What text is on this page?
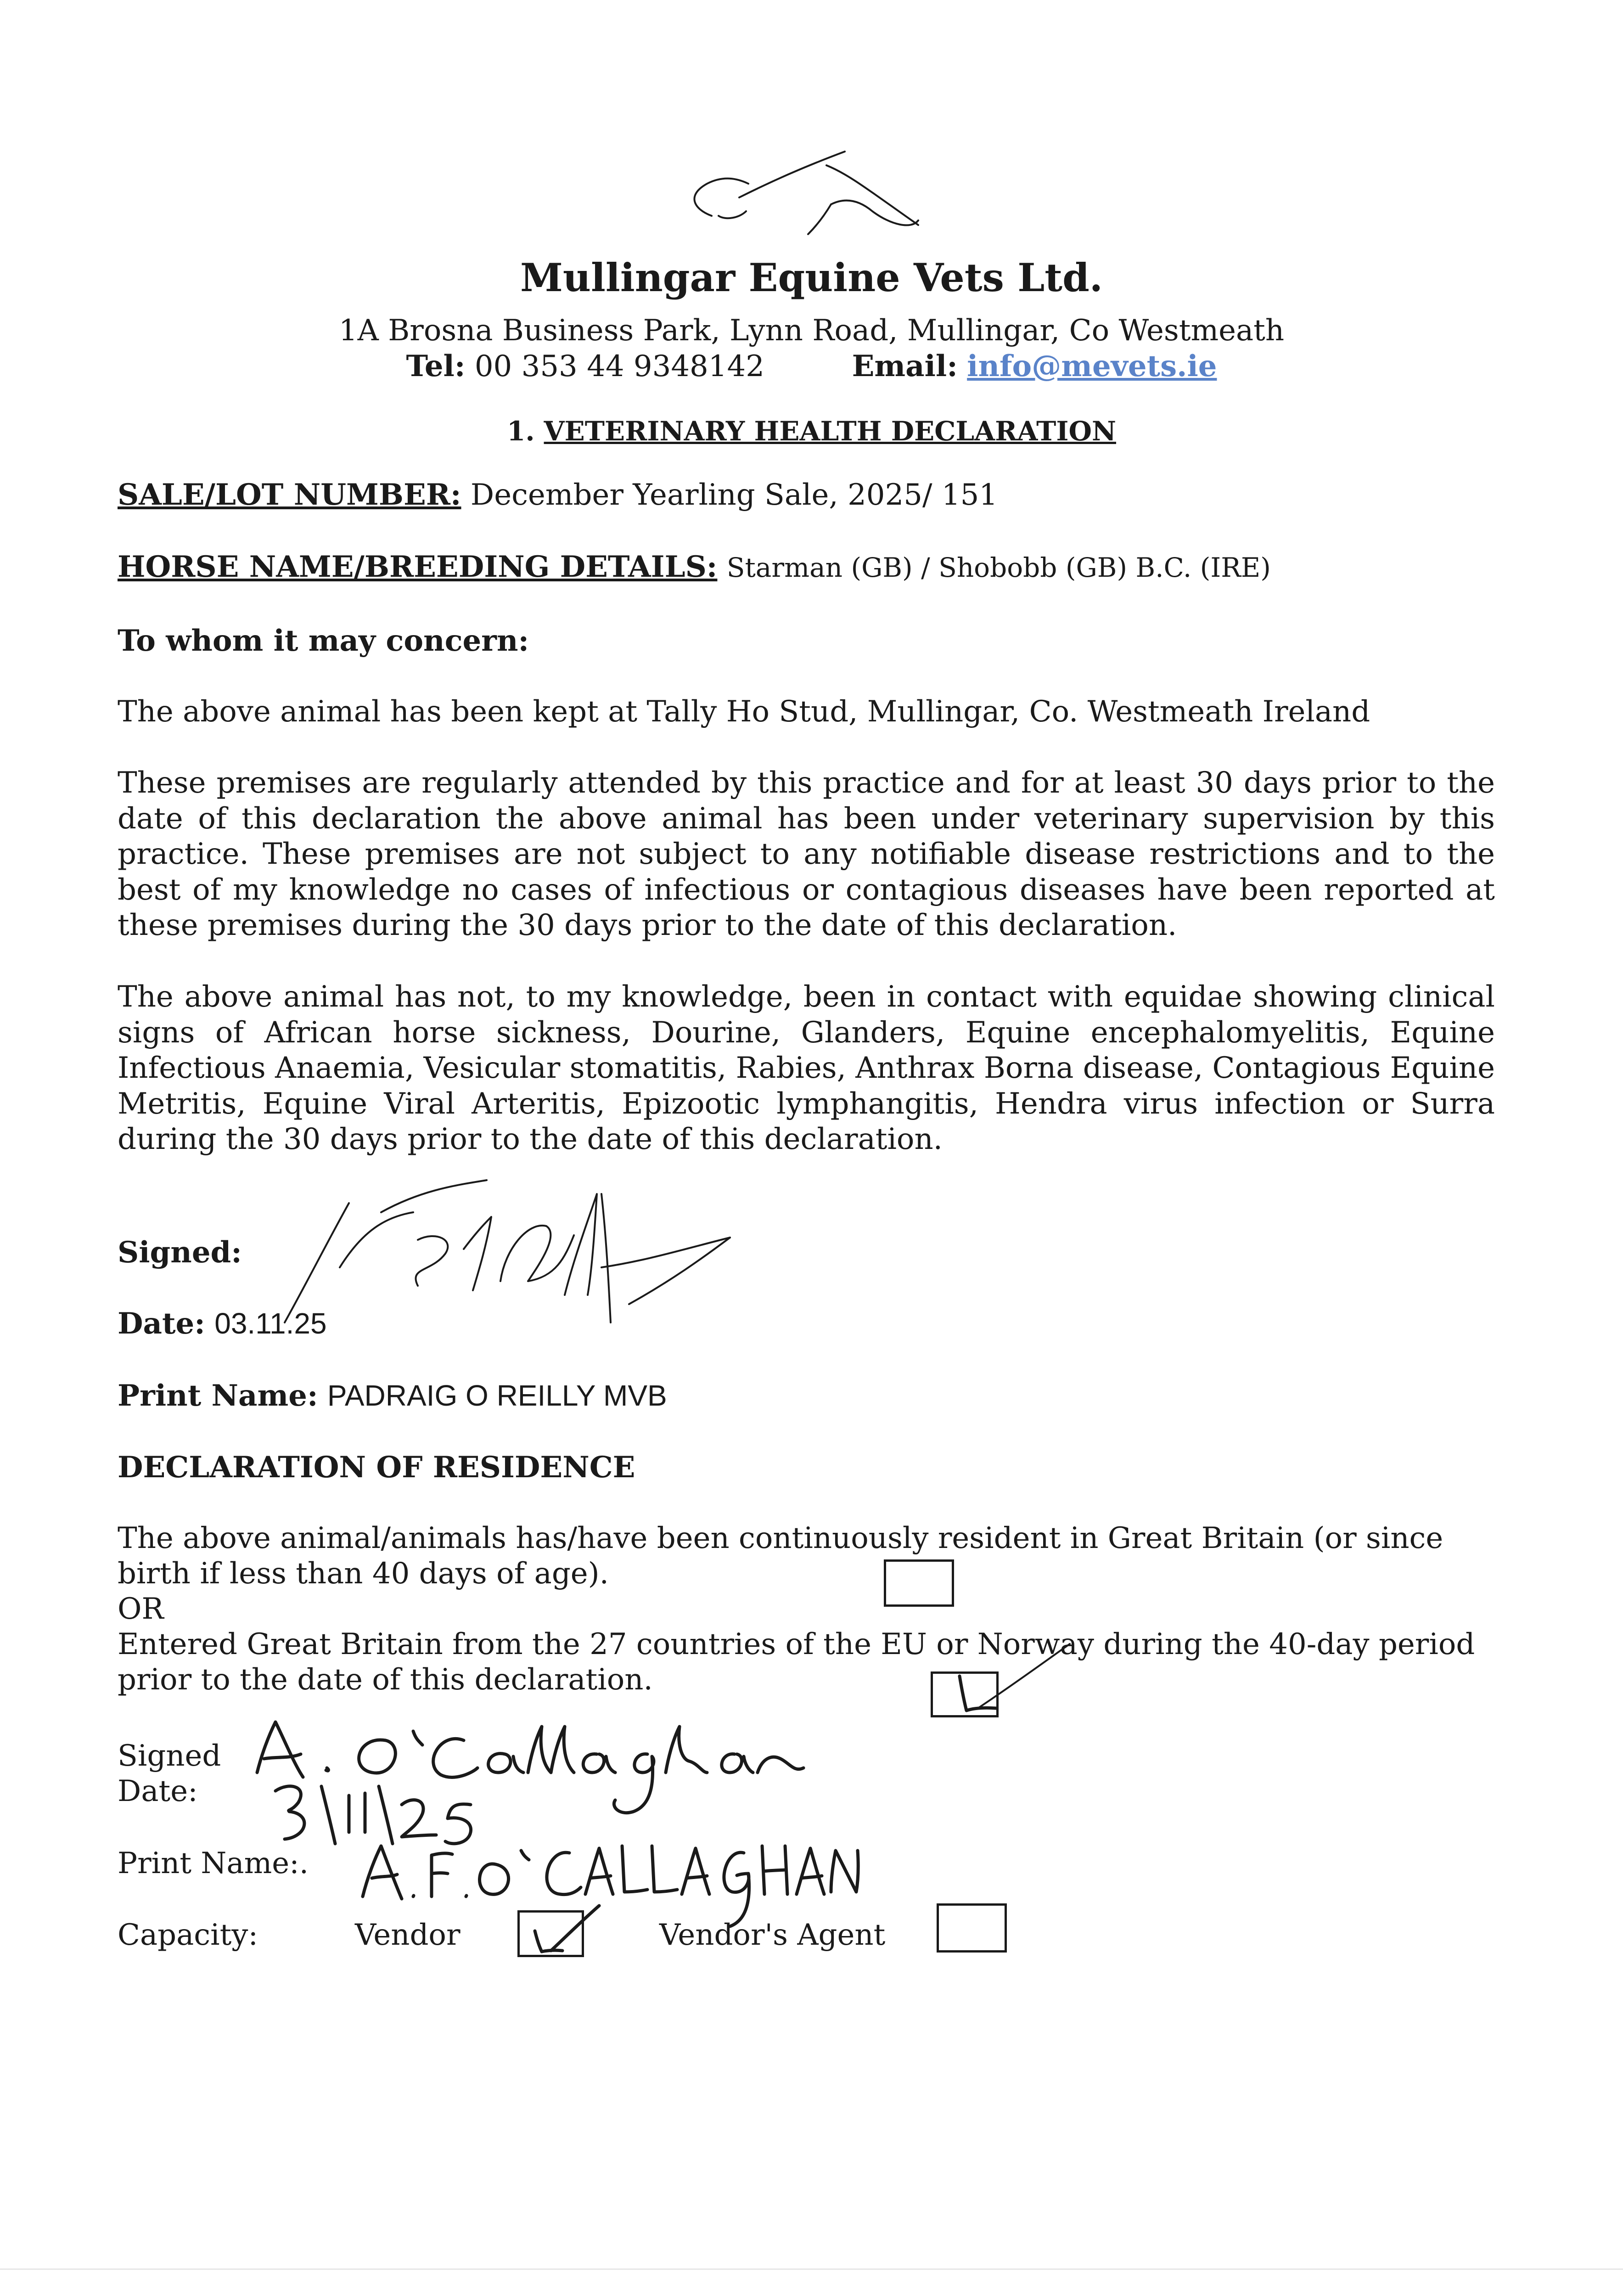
Mullingar Equine Vets Ltd.
1A Brosna Business Park, Lynn Road, Mullingar, Co Westmeath
Tel: 00 353 44 9348142	Email: info@mevets.ie
1. VETERINARY HEALTH DECLARATION
SALE/LOT NUMBER: December Yearling Sale, 2025/ 151
HORSE NAME/BREEDING DETAILS: Starman (GB) / Shobobb (GB) B.C. (IRE)
To whom it may concern:
The above animal has been kept at Tally Ho Stud, Mullingar, Co. Westmeath Ireland
These premises are regularly attended by this practice and for at least 30 days prior to the date of this declaration the above animal has been under veterinary supervision by this practice. These premises are not subject to any notifiable disease restrictions and to the best of my knowledge no cases of infectious or contagious diseases have been reported at these premises during the 30 days prior to the date of this declaration.
The above animal has not, to my knowledge, been in contact with equidae showing clinical signs of African horse sickness, Dourine, Glanders, Equine encephalomyelitis, Equine Infectious Anaemia, Vesicular stomatitis, Rabies, Anthrax Borna disease, Contagious Equine Metritis, Equine Viral Arteritis, Epizootic lymphangitis, Hendra virus infection or Surra during the 30 days prior to the date of this declaration.
Signed:
Date: 03.11.25
Print Name: PADRAIG O REILLY MVB
DECLARATION OF RESIDENCE
The above animal/animals has/have been continuously resident in Great Britain (or since
birth if less than 40 days of age).
OR
Entered Great Britain from the 27 countries of the EU or Norway during the 40-day period
prior to the date of this declaration.
Signed
Date:
Print Name:.
Capacity:	Vendor	Vendor's Agent
